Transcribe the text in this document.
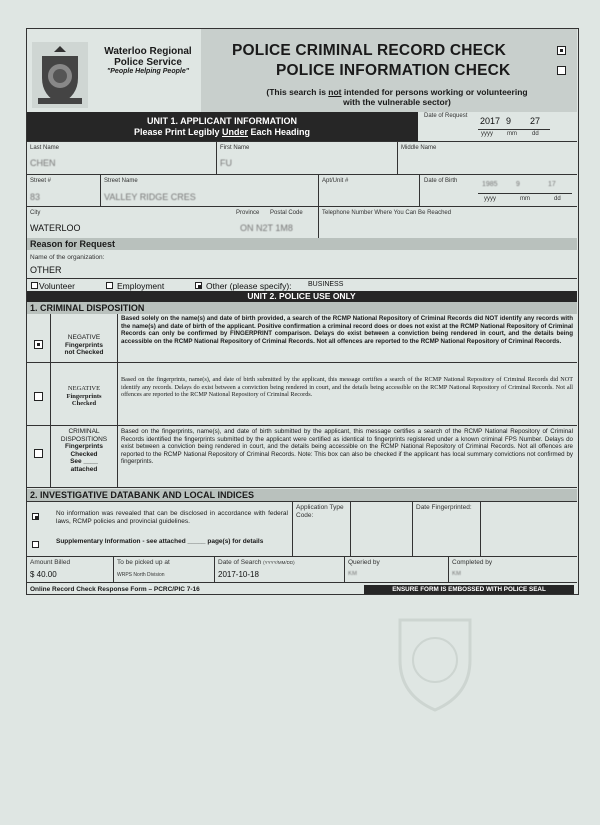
Waterloo Regional Police Service
"People Helping People"
POLICE CRIMINAL RECORD CHECK
POLICE INFORMATION CHECK
(This search is not intended for persons working or volunteering with the vulnerable sector)
UNIT 1. APPLICANT INFORMATION
Please Print Legibly Under Each Heading
Date of Request 2017 9 27
yyyy mm	dd
Last Name
CHEN
First Name
FU
Middle Name
Street #
83
Street Name
VALLEY RIDGE CRES
Apt/Unit #	Date of Birth	1985	9	17
yyyy	mm	dd
City
WATERLOO
Province Postal Code
ON N2T 1M8
Telephone Number Where You Can Be Reached
Reason for Request
Name of the organization:
OTHER
Volunteer	Employment	Other (please specify): BUSINESS
UNIT 2. POLICE USE ONLY
1. CRIMINAL DISPOSITION
NEGATIVE
Fingerprints
not Checked
Based solely on the name(s) and date of birth provided, a search of the RCMP National Repository of Criminal Records did NOT identify any records with the name(s) and date of birth of the applicant. Positive confirmation a criminal record does or does not exist at the RCMP National Repository of Criminal Records can only be confirmed by FINGERPRINT comparison. Delays do exist between a conviction being rendered in court, and the details being accessible on the RCMP National Repository of Criminal Records. Not all offences are reported to the RCMP National Repository of Criminal Records.
NEGATIVE
Fingerprints
Checked
Based on the fingerprints, name(s), and date of birth submitted by the applicant, this message certifies a search of the RCMP National Repository of Criminal Records did NOT identify any records. Delays do exist between a conviction being rendered in court, and the details being accessible on the RCMP National Repository of Criminal Records. Not all offences are reported to the RCMP National Repository of Criminal Records.
CRIMINAL
DISPOSITIONS
Fingerprints
Checked
See ____
attached
Based on the fingerprints, name(s), and date of birth submitted by the applicant, this message certifies a search of the RCMP National Repository of Criminal Records identified the fingerprints submitted by the applicant were certified as identical to fingerprints registered under a known criminal FPS Number. Delays do exist between a conviction being rendered in court, and the details being accessible on the RCMP National Repository of Criminal Records. Not all offences are reported to the RCMP National Repository of Criminal Records. Note: This box can also be checked if the applicant has local summary convictions not confirmed by fingerprints.
2. INVESTIGATIVE DATABANK AND LOCAL INDICES
No information was revealed that can be disclosed in accordance with federal laws, RCMP policies and provincial guidelines.
Supplementary Information - see attached _____ page(s) for details
Application Type Code:
Date Fingerprinted:
Amount Billed
$ 40.00
To be picked up at
WRPS North Division
Date of Search (YYYY/MM/DD)
2017-10-18
Queried by
KM
Completed by
KM
Online Record Check Response Form – PCRC/PIC 7-16	ENSURE FORM IS EMBOSSED WITH POLICE SEAL
